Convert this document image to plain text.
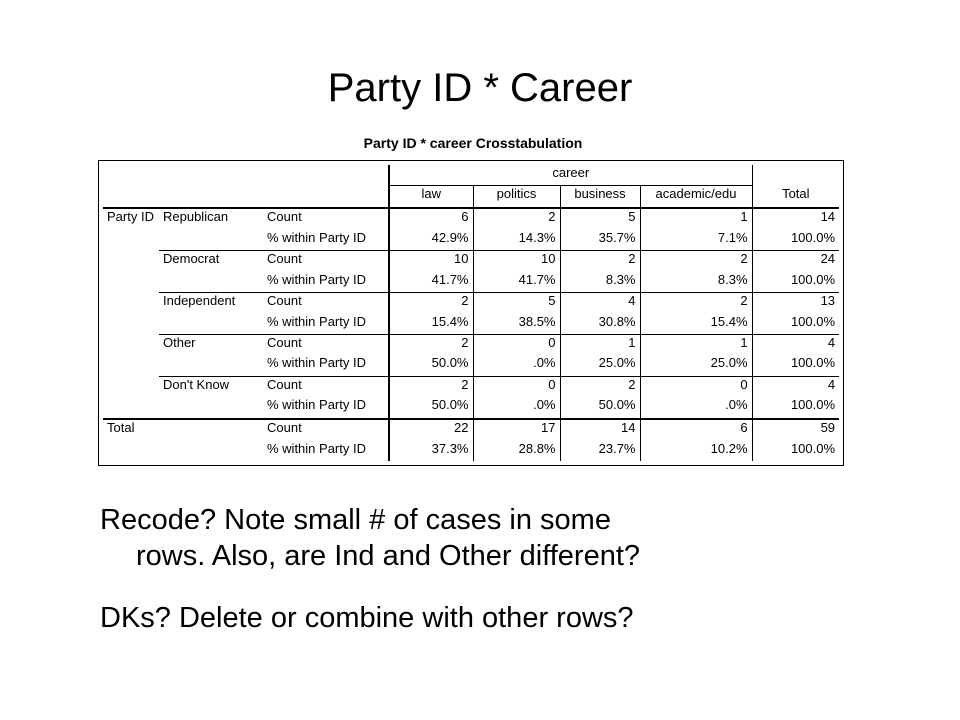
Party ID * Career
Party ID * career Crosstabulation
			career				
			law	politics	business	academic/edu	Total
Party ID	Republican	Count	6	2	5	1	14
		% within Party ID	42.9%	14.3%	35.7%	7.1%	100.0%
	Democrat	Count	10	10	2	2	24
		% within Party ID	41.7%	41.7%	8.3%	8.3%	100.0%
	Independent	Count	2	5	4	2	13
		% within Party ID	15.4%	38.5%	30.8%	15.4%	100.0%
	Other	Count	2	0	1	1	4
		% within Party ID	50.0%	.0%	25.0%	25.0%	100.0%
	Don't Know	Count	2	0	2	0	4
		% within Party ID	50.0%	.0%	50.0%	.0%	100.0%
Total		Count	22	17	14	6	59
		% within Party ID	37.3%	28.8%	23.7%	10.2%	100.0%
Recode? Note small # of cases in some
rows. Also, are Ind and Other different?
DKs? Delete or combine with other rows?
